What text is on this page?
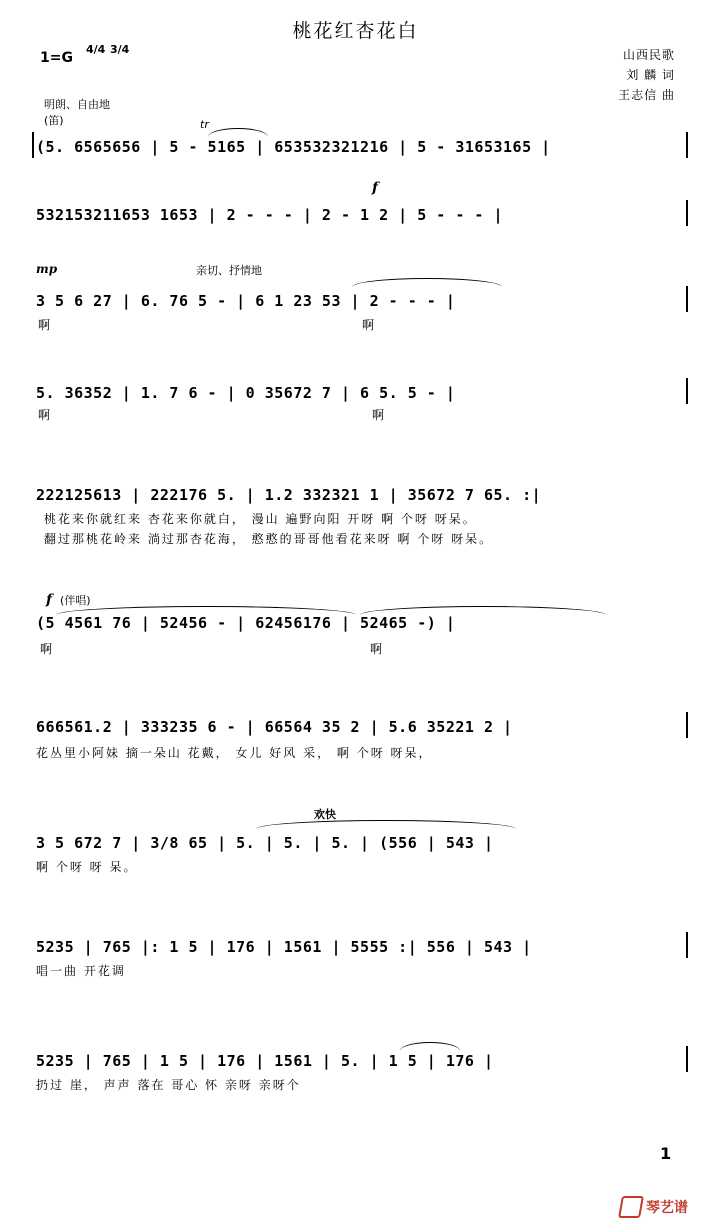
桃花红杏花白
山西民歌
刘 麟 词
王志信 曲
1=G
4/4 3/4
明朗、自由地
(笛)	tr
(5. 6565656 | 5 - 5165 | 653532321216 | 5 - 31653165 |
f
532153211653 1653 | 2 - - - | 2 - 1 2 | 5 - - - |
mp	亲切、抒情地
3 5 6 27 | 6. 76 5 - | 6 1 23 53 | 2 - - - |
啊	啊
5. 36352 | 1. 7 6 - | 0 35672 7 | 6 5. 5 - |
啊	啊
222125613 | 222176 5. | 1.2 332321 1 | 35672 7 65. :|
桃花来你就红来 杏花来你就白， 漫山 遍野向阳 开呀 啊 个呀 呀呆。
翻过那桃花岭来 淌过那杏花海， 憨憨的哥哥他看花来呀 啊 个呀 呀呆。
f (伴唱)
(5 4561 76 | 52456 - | 62456176 | 52465 -) |
啊	啊
666561.2 | 333235 6 - | 66564 35 2 | 5.6 35221 2 |
花丛里小阿妹 摘一朵山 花戴， 女儿 好风 采， 啊 个呀 呀呆，
欢快
3 5 672 7 | 3/8 65 | 5. | 5. | 5. | (556 | 543 |
啊 个呀 呀 呆。
5235 | 765 |: 1 5 | 176 | 1561 | 5555 :| 556 | 543 |
唱一曲 开花调
5235 | 765 | 1 5 | 176 | 1561 | 5. | 1 5 | 176 |
扔过 崖， 声声 落在 哥心 怀 亲呀 亲呀个
1
琴艺谱
